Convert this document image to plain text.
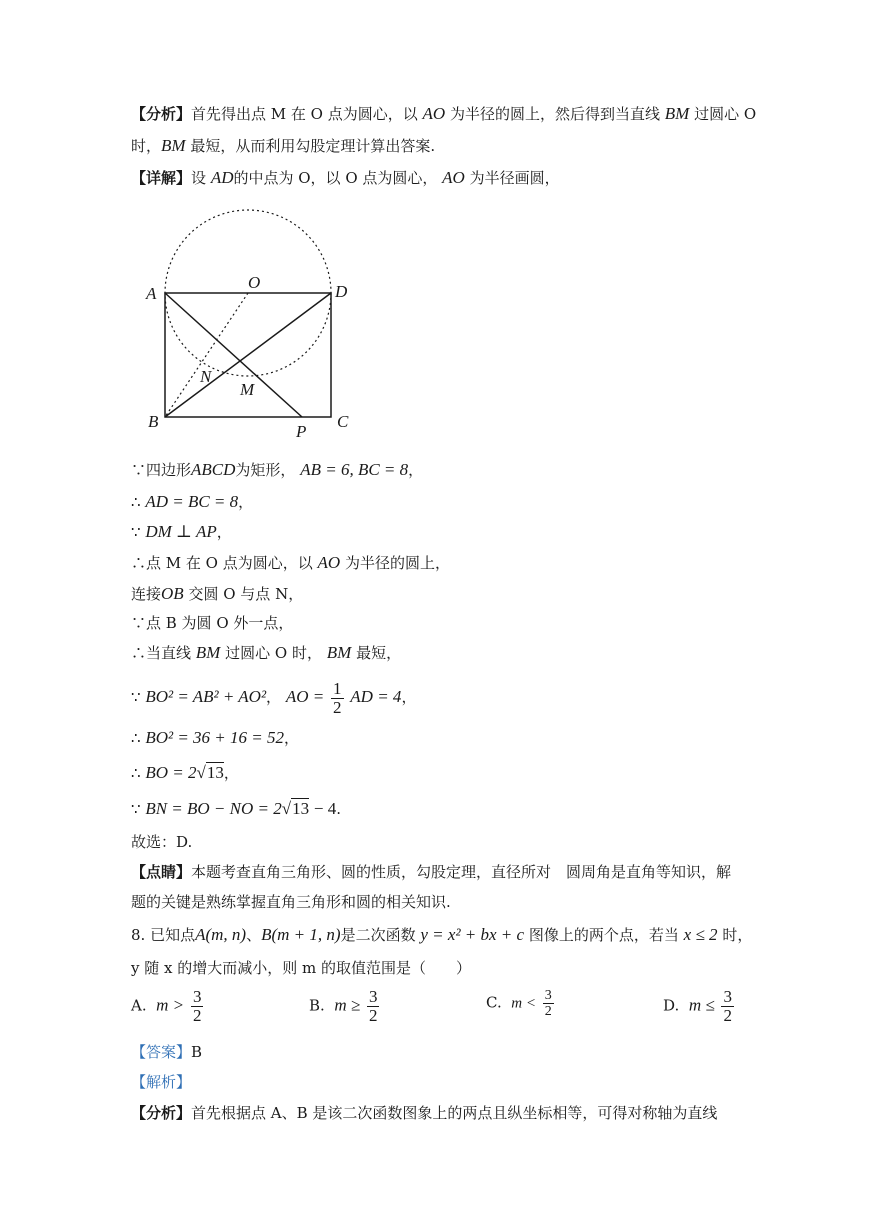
【分析】首先得出点 M 在 O 点为圆心，以 AO 为半径的圆上，然后得到当直线 BM 过圆心 O
时，BM 最短，从而利用勾股定理计算出答案.
【详解】设 AD的中点为 O，以 O 点为圆心， AO 为半径画圆，
A
O	D
N
M
B
P
C
∵四边形ABCD为矩形， AB = 6, BC = 8，
∴ AD = BC = 8，
∵ DM ⊥ AP，
∴点 M 在 O 点为圆心，以 AO 为半径的圆上，
连接OB 交圆 O 与点 N，
∵点 B 为圆 O 外一点，
∴当直线 BM 过圆心 O 时， BM 最短，
∵ BO² = AB² + AO²， AO = $\frac{1}{2}$ AD = 4，
∴ BO² = 36 + 16 = 52，
∴ BO = 2√13，
∵ BN = BO − NO = 2√13 − 4.
故选：D.
【点睛】本题考查直角三角形、圆的性质，勾股定理，直径所对　圆周角是直角等知识，解
题的关键是熟练掌握直角三角形和圆的相关知识.
8. 已知点A(m, n)、B(m + 1, n)是二次函数 y = x² + bx + c 图像上的两个点，若当 x ≤ 2 时，
y 随 x 的增大而减小，则 m 的取值范围是（　　）
A. $m > \frac{3}{2}$	B. $m \ge \frac{3}{2}$	C. $m < \frac{3}{2}$	D. $m \le \frac{3}{2}$
【答案】B
【解析】
【分析】首先根据点 A、B 是该二次函数图象上的两点且纵坐标相等，可得对称轴为直线
